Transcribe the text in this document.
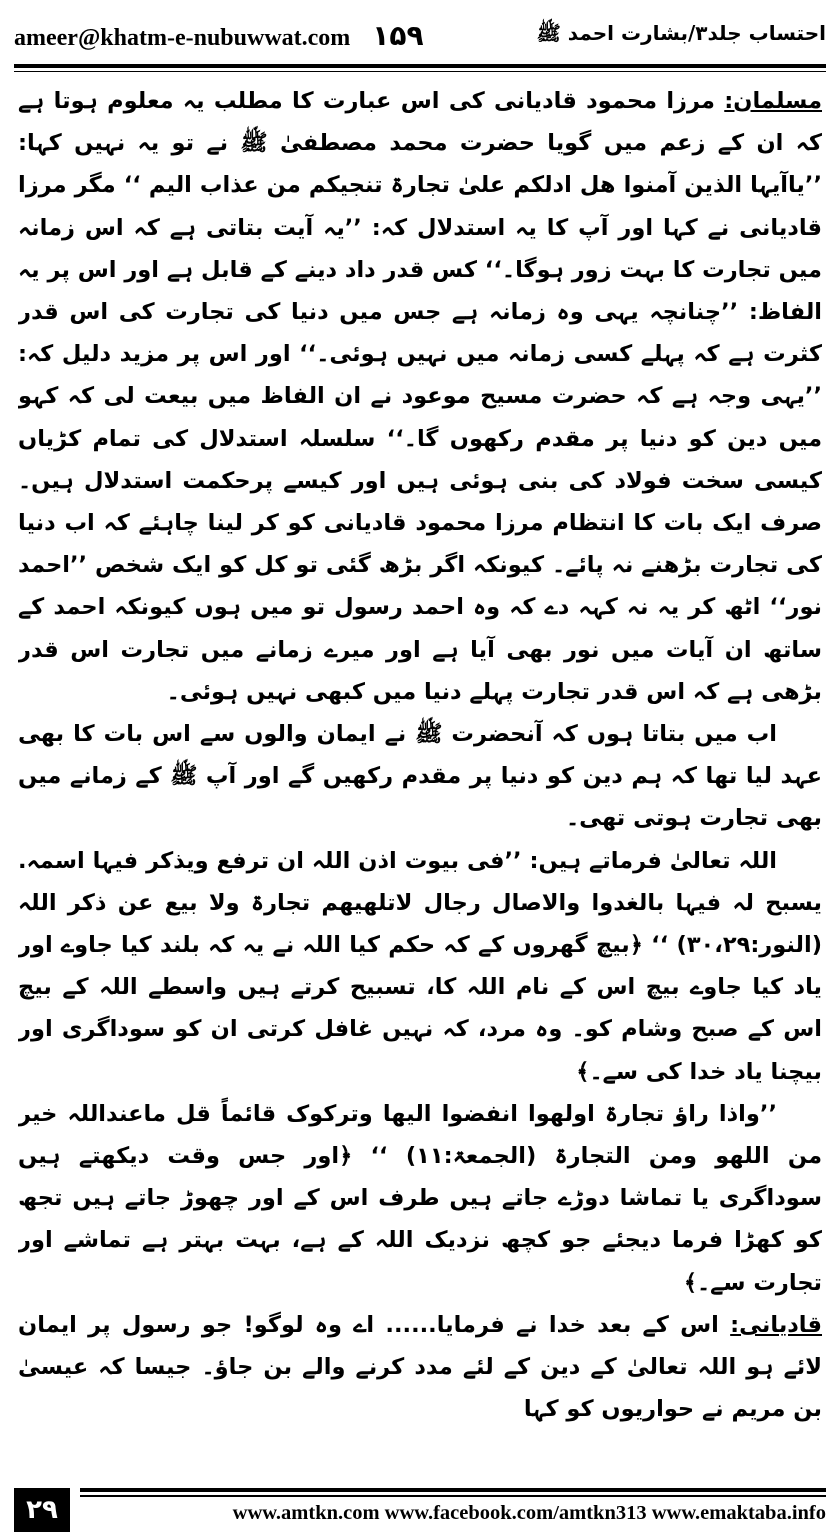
ameer@khatm-e-nubuwwat.com ۱۵۹	احتساب جلد۳/بشارت احمد ﷺ

مسلمان: مرزا محمود قادیانی کی اس عبارت کا مطلب یہ معلوم ہوتا ہے کہ ان کے زعم میں گویا حضرت محمد مصطفیٰ ﷺ نے تو یہ نہیں کہا: ’’یاآیہا الذین آمنوا ھل ادلکم علیٰ تجارۃ تنجیکم من عذاب الیم ‘‘ مگر مرزا قادیانی نے کہا اور آپ کا یہ استدلال کہ: ’’یہ آیت بتاتی ہے کہ اس زمانہ میں تجارت کا بہت زور ہوگا۔‘‘ کس قدر داد دینے کے قابل ہے اور اس پر یہ الفاظ: ’’چنانچہ یہی وہ زمانہ ہے جس میں دنیا کی تجارت کی اس قدر کثرت ہے کہ پہلے کسی زمانہ میں نہیں ہوئی۔‘‘ اور اس پر مزید دلیل کہ: ’’یہی وجہ ہے کہ حضرت مسیح موعود نے ان الفاظ میں بیعت لی کہ کہو میں دین کو دنیا پر مقدم رکھوں گا۔‘‘ سلسلہ استدلال کی تمام کڑیاں کیسی سخت فولاد کی بنی ہوئی ہیں اور کیسے پرحکمت استدلال ہیں۔ صرف ایک بات کا انتظام مرزا محمود قادیانی کو کر لینا چاہئے کہ اب دنیا کی تجارت بڑھنے نہ پائے۔ کیونکہ اگر بڑھ گئی تو کل کو ایک شخص ’’احمد نور‘‘ اٹھ کر یہ نہ کہہ دے کہ وہ احمد رسول تو میں ہوں کیونکہ احمد کے ساتھ ان آیات میں نور بھی آیا ہے اور میرے زمانے میں تجارت اس قدر بڑھی ہے کہ اس قدر تجارت پہلے دنیا میں کبھی نہیں ہوئی۔

اب میں بتاتا ہوں کہ آنحضرت ﷺ نے ایمان والوں سے اس بات کا بھی عہد لیا تھا کہ ہم دین کو دنیا پر مقدم رکھیں گے اور آپ ﷺ کے زمانے میں بھی تجارت ہوتی تھی۔

اللہ تعالیٰ فرماتے ہیں: ’’فی بیوت اذن اللہ ان ترفع ویذکر فیہا اسمہ. یسبح لہ فیہا بالغدوا والاصال رجال لاتلھیھم تجارۃ ولا بیع عن ذکر اللہ (النور:۳۰،۲۹) ‘‘ ﴿بیچ گھروں کے کہ حکم کیا اللہ نے یہ کہ بلند کیا جاوے اور یاد کیا جاوے بیچ اس کے نام اللہ کا، تسبیح کرتے ہیں واسطے اللہ کے بیچ اس کے صبح وشام کو۔ وہ مرد، کہ نہیں غافل کرتی ان کو سوداگری اور بیچنا یاد خدا کی سے۔﴾

’’واذا راؤ تجارۃ اولھوا انفضوا الیھا وترکوک قائماً قل ماعنداللہ خیر من اللھو ومن التجارۃ (الجمعۃ:۱۱) ‘‘ ﴿اور جس وقت دیکھتے ہیں سوداگری یا تماشا دوڑے جاتے ہیں طرف اس کے اور چھوڑ جاتے ہیں تجھ کو کھڑا فرما دیجئے جو کچھ نزدیک اللہ کے ہے، بہت بہتر ہے تماشے اور تجارت سے۔﴾

قادیانی: اس کے بعد خدا نے فرمایا...... اے وہ لوگو! جو رسول پر ایمان لائے ہو اللہ تعالیٰ کے دین کے لئے مدد کرنے والے بن جاؤ۔ جیسا کہ عیسیٰ بن مریم نے حواریوں کو کہا

۲۹	www.amtkn.com www.facebook.com/amtkn313 www.emaktaba.info
